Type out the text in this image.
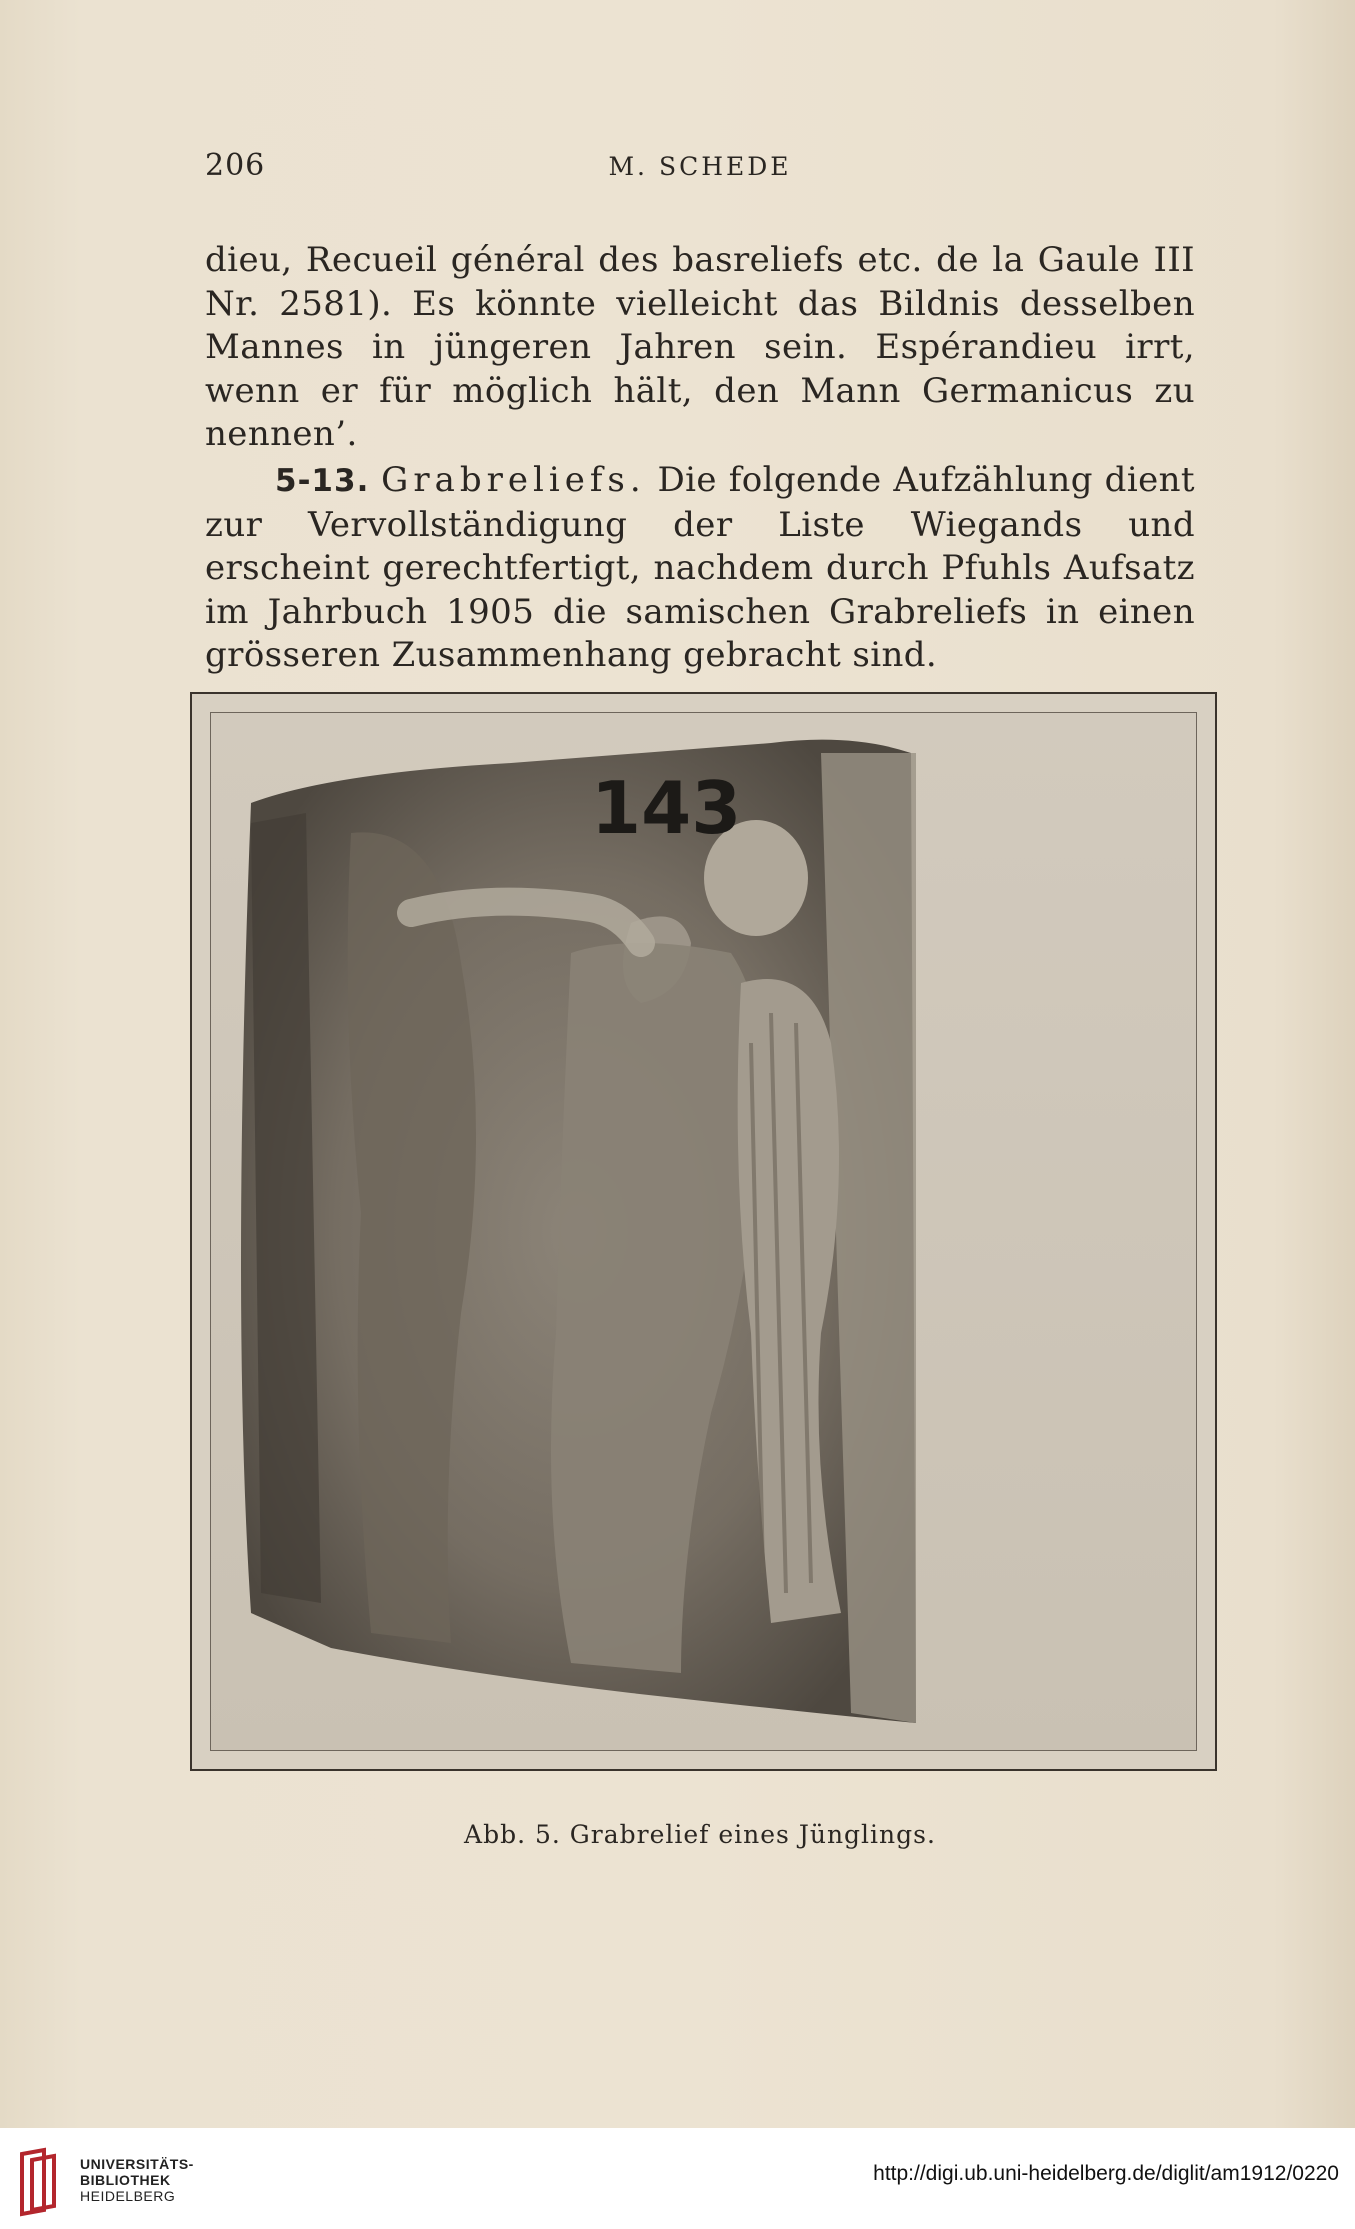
206	M. SCHEDE

dieu, Recueil général des basreliefs etc. de la Gaule III Nr. 2581). Es könnte vielleicht das Bildnis desselben Mannes in jüngeren Jahren sein. Espérandieu irrt, wenn er für möglich hält, den Mann Germanicus zu nennen’.

5-13. Grabreliefs. Die folgende Aufzählung dient zur Vervollständigung der Liste Wiegands und erscheint gerechtfertigt, nachdem durch Pfuhls Aufsatz im Jahrbuch 1905 die samischen Grabreliefs in einen grösseren Zusammenhang gebracht sind.

143
Abb. 5. Grabrelief eines Jünglings.
UNIVERSITÄTS-
BIBLIOTHEK
HEIDELBERG
http://digi.ub.uni-heidelberg.de/diglit/am1912/0220
